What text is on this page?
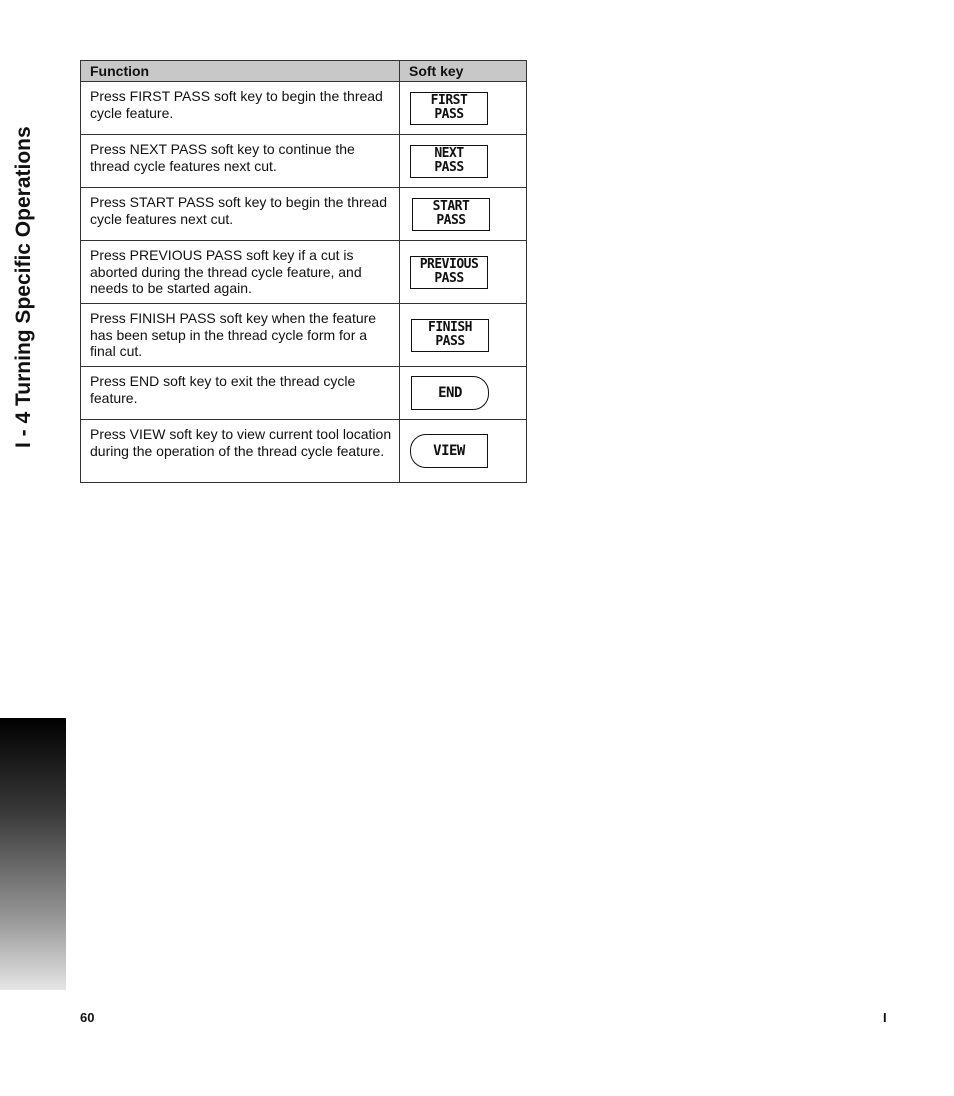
I - 4 Turning Specific Operations
Function	Soft key
Press FIRST PASS soft key to begin the thread cycle feature.	FIRST
PASS

Press NEXT PASS soft key to continue the thread cycle features next cut.	NEXT
PASS

Press START PASS soft key to begin the thread cycle features next cut.	START
PASS

Press PREVIOUS PASS soft key if a cut is aborted during the thread cycle feature, and needs to be started again.	PREVIOUS
PASS

Press FINISH PASS soft key when the feature has been setup in the thread cycle form for a final cut.	FINISH
PASS

Press END soft key to exit the thread cycle feature.	END

Press VIEW soft key to view current tool location during the operation of the thread cycle feature.	VIEW
60	I
